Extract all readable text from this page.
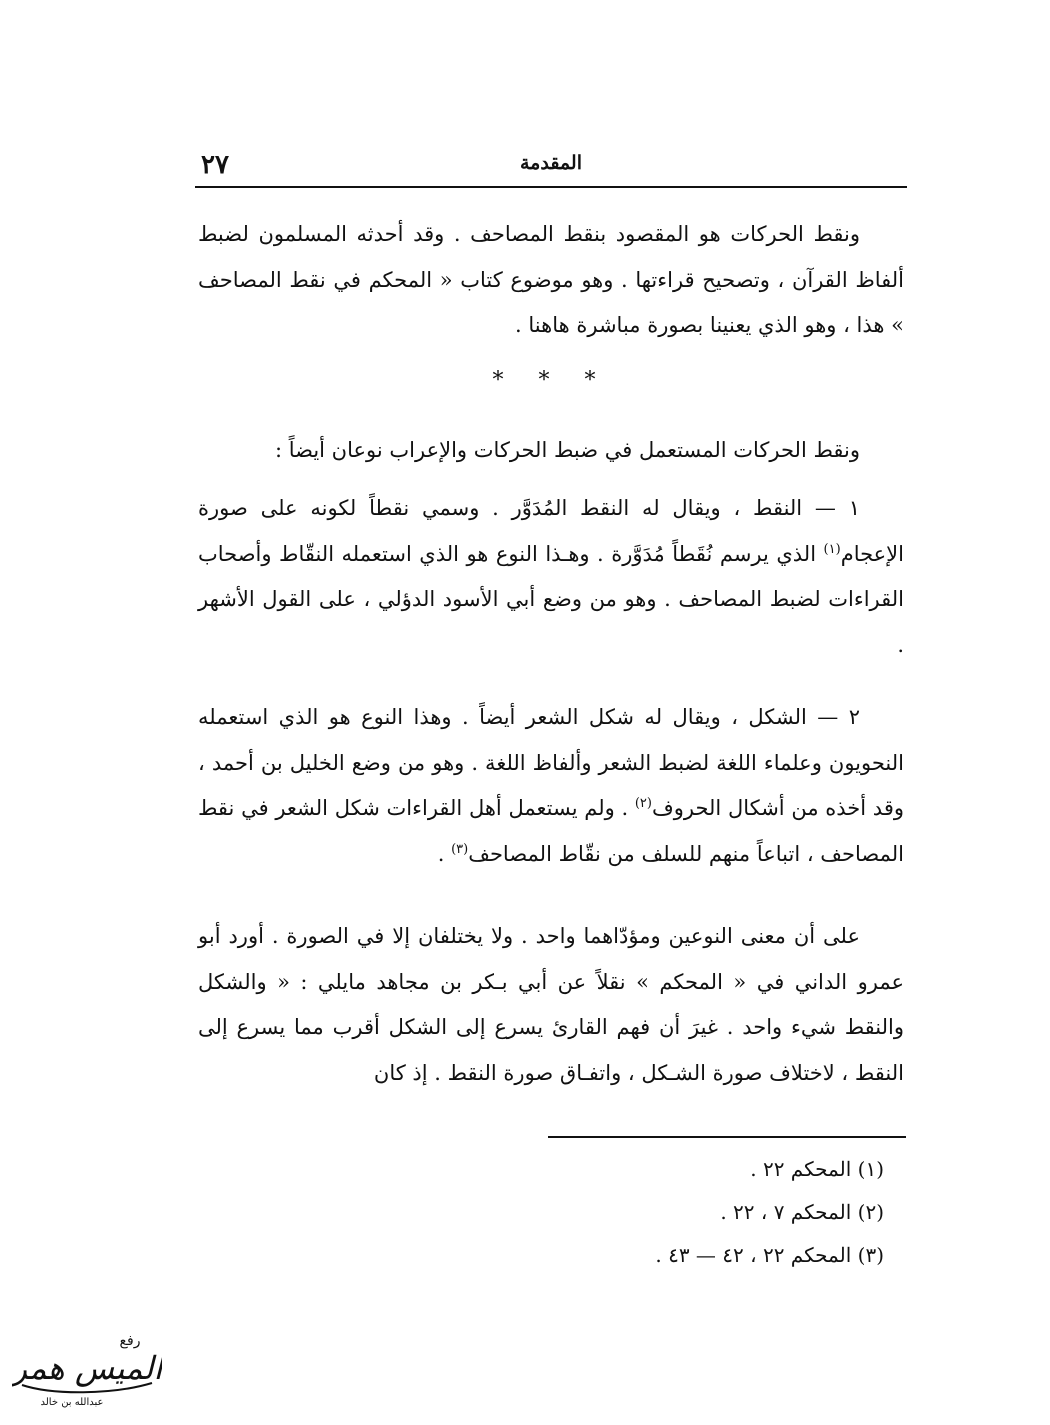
٢٧	المقدمة

ونقط الحركات هو المقصود بنقط المصاحف . وقد أحدثه المسلمون لضبط ألفاظ القرآن ، وتصحيح قراءتها . وهو موضوع كتاب « المحكم في نقط المصاحف » هذا ، وهو الذي يعنينا بصورة مباشرة هاهنا .

* * *

ونقط الحركات المستعمل في ضبط الحركات والإعراب نوعان أيضاً :

١ — النقط ، ويقال له النقط المُدَوَّر . وسمي نقطاً لكونه على صورة الإعجام$^{(١)}$ الذي يرسم نُقَطاً مُدَوَّرة . وهـذا النوع هو الذي استعمله النقّاط وأصحاب القراءات لضبط المصاحف . وهو من وضع أبي الأسود الدؤلي ، على القول الأشهر .

٢ — الشكل ، ويقال له شكل الشعر أيضاً . وهذا النوع هو الذي استعمله النحويون وعلماء اللغة لضبط الشعر وألفاظ اللغة . وهو من وضع الخليل بن أحمد ، وقد أخذه من أشكال الحروف$^{(٢)}$ . ولم يستعمل أهل القراءات شكل الشعر في نقط المصاحف ، اتباعاً منهم للسلف من نقّاط المصاحف$^{(٣)}$ .

على أن معنى النوعين ومؤدّاهما واحد . ولا يختلفان إلا في الصورة . أورد أبو عمرو الداني في « المحكم » نقلاً عن أبي بـكر بن مجاهد مايلي : « والشكل والنقط شيء واحد . غيرَ أن فهم القارئ يسرع إلى الشكل أقرب مما يسرع إلى النقط ، لاختلاف صورة الشـكل ، واتفـاق صورة النقط . إذ كان

(١) المحكم ٢٢ .

(٢) المحكم ٧ ، ٢٢ .

(٣) المحكم ٢٢ ، ٤٢ — ٤٣ .

رفع
الميس همر
عبدالله بن خالد
